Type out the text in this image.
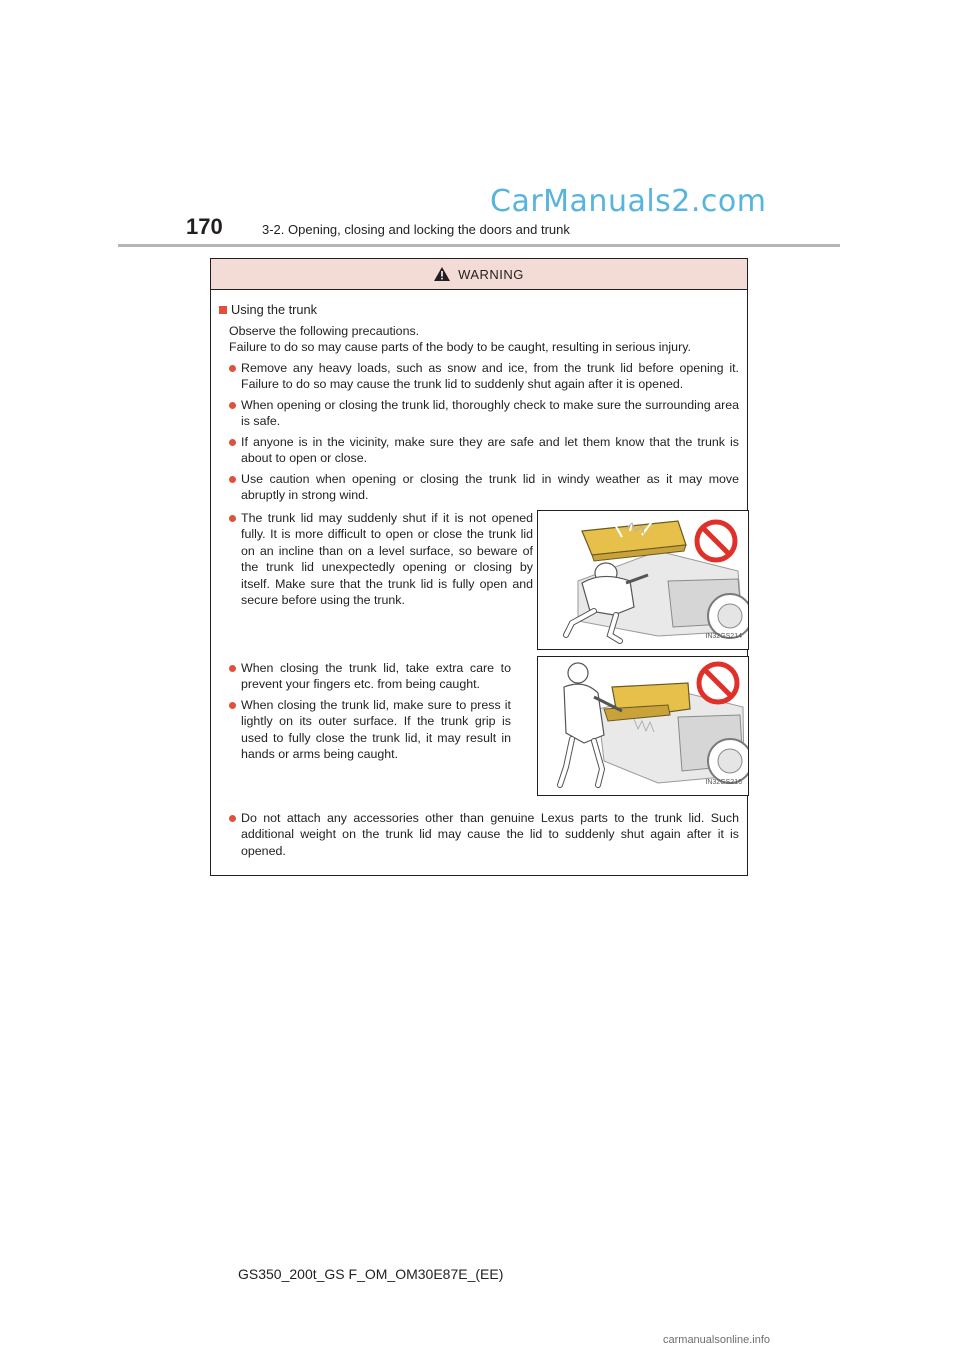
CarManuals2.com
170	3-2. Opening, closing and locking the doors and trunk
WARNING
Using the trunk
Observe the following precautions.
Failure to do so may cause parts of the body to be caught, resulting in serious injury.
Remove any heavy loads, such as snow and ice, from the trunk lid before opening it. Failure to do so may cause the trunk lid to suddenly shut again after it is opened.
When opening or closing the trunk lid, thoroughly check to make sure the surrounding area is safe.
If anyone is in the vicinity, make sure they are safe and let them know that the trunk is about to open or close.
Use caution when opening or closing the trunk lid in windy weather as it may move abruptly in strong wind.
The trunk lid may suddenly shut if it is not opened fully. It is more difficult to open or close the trunk lid on an incline than on a level surface, so beware of the trunk lid unexpectedly opening or closing by itself. Make sure that the trunk lid is fully open and secure before using the trunk.
IN32GS214
When closing the trunk lid, take extra care to prevent your fingers etc. from being caught.
When closing the trunk lid, make sure to press it lightly on its outer surface. If the trunk grip is used to fully close the trunk lid, it may result in hands or arms being caught.
IN32GS216
Do not attach any accessories other than genuine Lexus parts to the trunk lid. Such additional weight on the trunk lid may cause the lid to suddenly shut again after it is opened.
GS350_200t_GS F_OM_OM30E87E_(EE)
carmanualsonline.info
